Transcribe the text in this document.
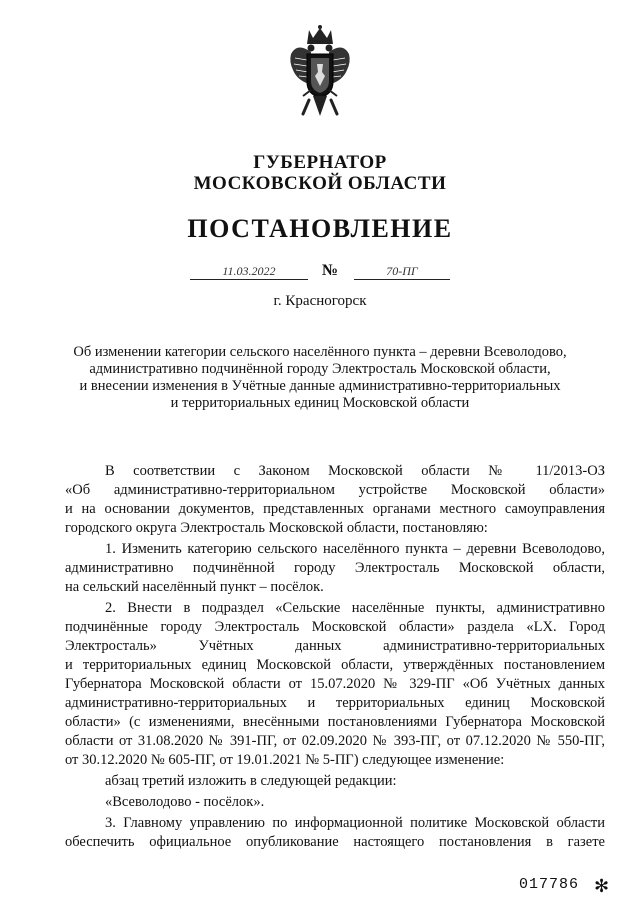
ГУБЕРНАТОР
МОСКОВСКОЙ ОБЛАСТИ
ПОСТАНОВЛЕНИЕ
11.03.2022	№	70-ПГ
г. Красногорск
Об изменении категории сельского населённого пункта – деревни Всеволодово,
административно подчинённой городу Электросталь Московской области,
и внесении изменения в Учётные данные административно-территориальных
и территориальных единиц Московской области
В соответствии с Законом Московской области № 11/2013-ОЗ
«Об административно-территориальном устройстве Московской области»
и на основании документов, представленных органами местного самоуправления
городского округа Электросталь Московской области, постановляю:
1. Изменить категорию сельского населённого пункта – деревни Всеволодово,
административно подчинённой городу Электросталь Московской области,
на сельский населённый пункт – посёлок.
2. Внести в подраздел «Сельские населённые пункты, административно
подчинённые городу Электросталь Московской области» раздела «LX. Город
Электросталь» Учётных данных административно-территориальных
и территориальных единиц Московской области, утверждённых постановлением
Губернатора Московской области от 15.07.2020 № 329-ПГ «Об Учётных данных
административно-территориальных и территориальных единиц Московской
области» (с изменениями, внесёнными постановлениями Губернатора Московской
области от 31.08.2020 № 391-ПГ, от 02.09.2020 № 393-ПГ, от 07.12.2020 № 550-ПГ,
от 30.12.2020 № 605-ПГ, от 19.01.2021 № 5-ПГ) следующее изменение:
абзац третий изложить в следующей редакции:
«Всеволодово - посёлок».
3. Главному управлению по информационной политике Московской области
обеспечить официальное опубликование настоящего постановления в газете
017786 ✻
